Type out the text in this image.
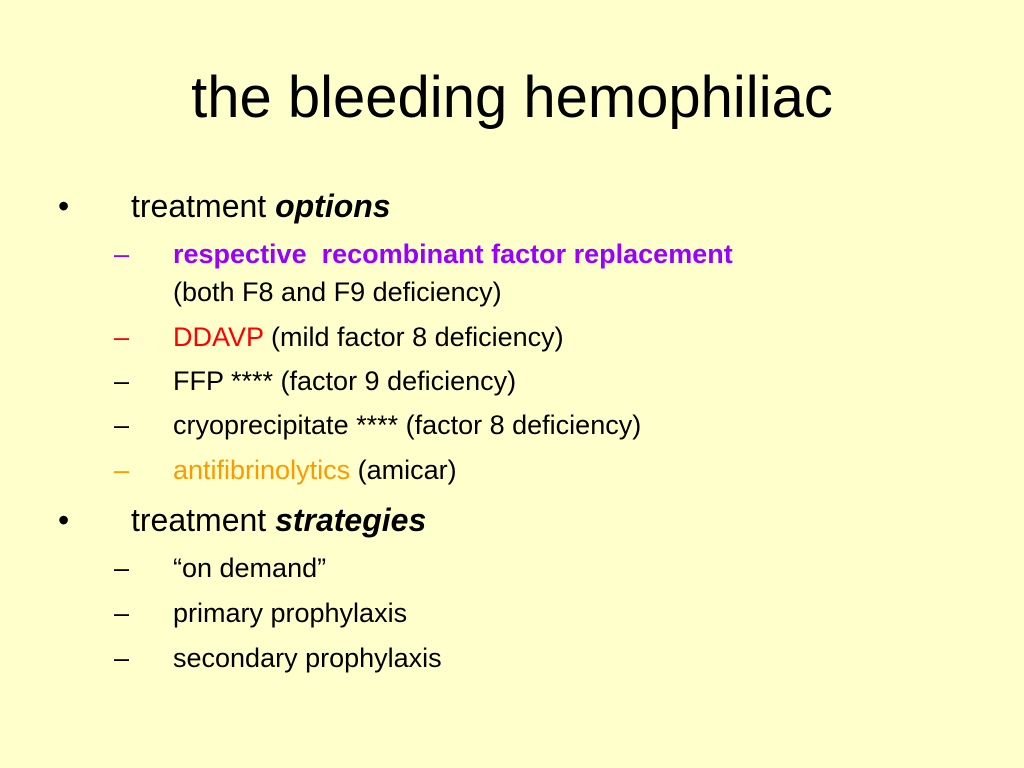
the bleeding hemophiliac
• treatment options
– respective  recombinant factor replacement
(both F8 and F9 deficiency)
– DDAVP (mild factor 8 deficiency)
– FFP **** (factor 9 deficiency)
– cryoprecipitate **** (factor 8 deficiency)
– antifibrinolytics (amicar)
• treatment strategies
– “on demand”
– primary prophylaxis
– secondary prophylaxis
